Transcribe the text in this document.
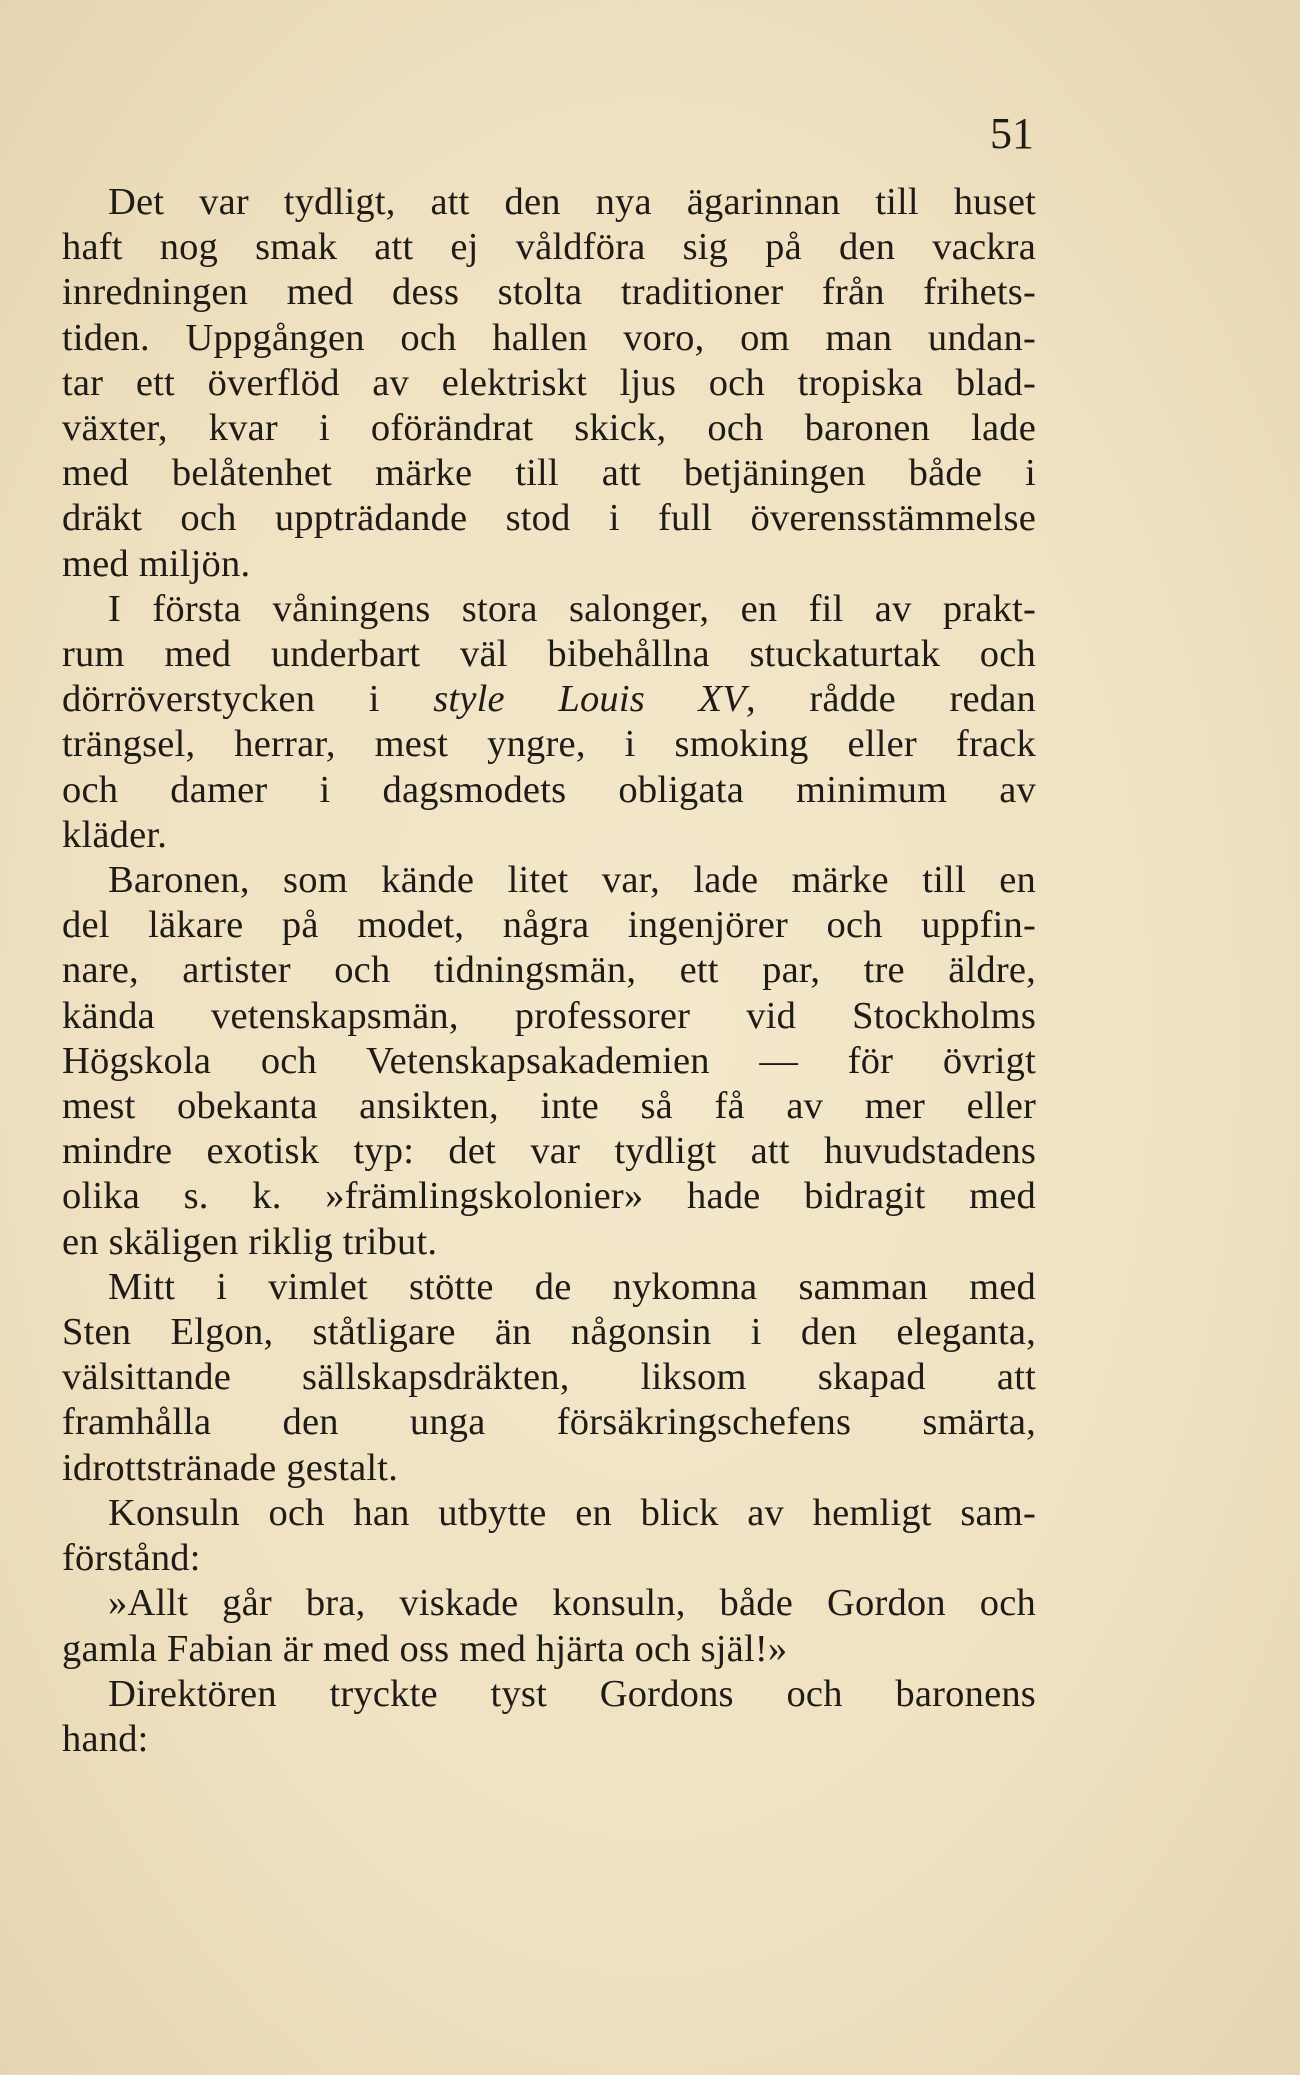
51
Det var tydligt, att den nya ägarinnan till huset
haft nog smak att ej våldföra sig på den vackra
inredningen med dess stolta traditioner från frihets-
tiden. Uppgången och hallen voro, om man undan-
tar ett överflöd av elektriskt ljus och tropiska blad-
växter, kvar i oförändrat skick, och baronen lade
med belåtenhet märke till att betjäningen både i
dräkt och uppträdande stod i full överensstämmelse
med miljön.
I första våningens stora salonger, en fil av prakt-
rum med underbart väl bibehållna stuckaturtak och
dörröverstycken i style Louis XV, rådde redan
trängsel, herrar, mest yngre, i smoking eller frack
och damer i dagsmodets obligata minimum av
kläder.
Baronen, som kände litet var, lade märke till en
del läkare på modet, några ingenjörer och uppfin-
nare, artister och tidningsmän, ett par, tre äldre,
kända vetenskapsmän, professorer vid Stockholms
Högskola och Vetenskapsakademien — för övrigt
mest obekanta ansikten, inte så få av mer eller
mindre exotisk typ: det var tydligt att huvudstadens
olika s. k. »främlingskolonier» hade bidragit med
en skäligen riklig tribut.
Mitt i vimlet stötte de nykomna samman med
Sten Elgon, ståtligare än någonsin i den eleganta,
välsittande sällskapsdräkten, liksom skapad att
framhålla den unga försäkringschefens smärta,
idrottstränade gestalt.
Konsuln och han utbytte en blick av hemligt sam-
förstånd:
»Allt går bra, viskade konsuln, både Gordon och
gamla Fabian är med oss med hjärta och själ!»
Direktören tryckte tyst Gordons och baronens
hand:
